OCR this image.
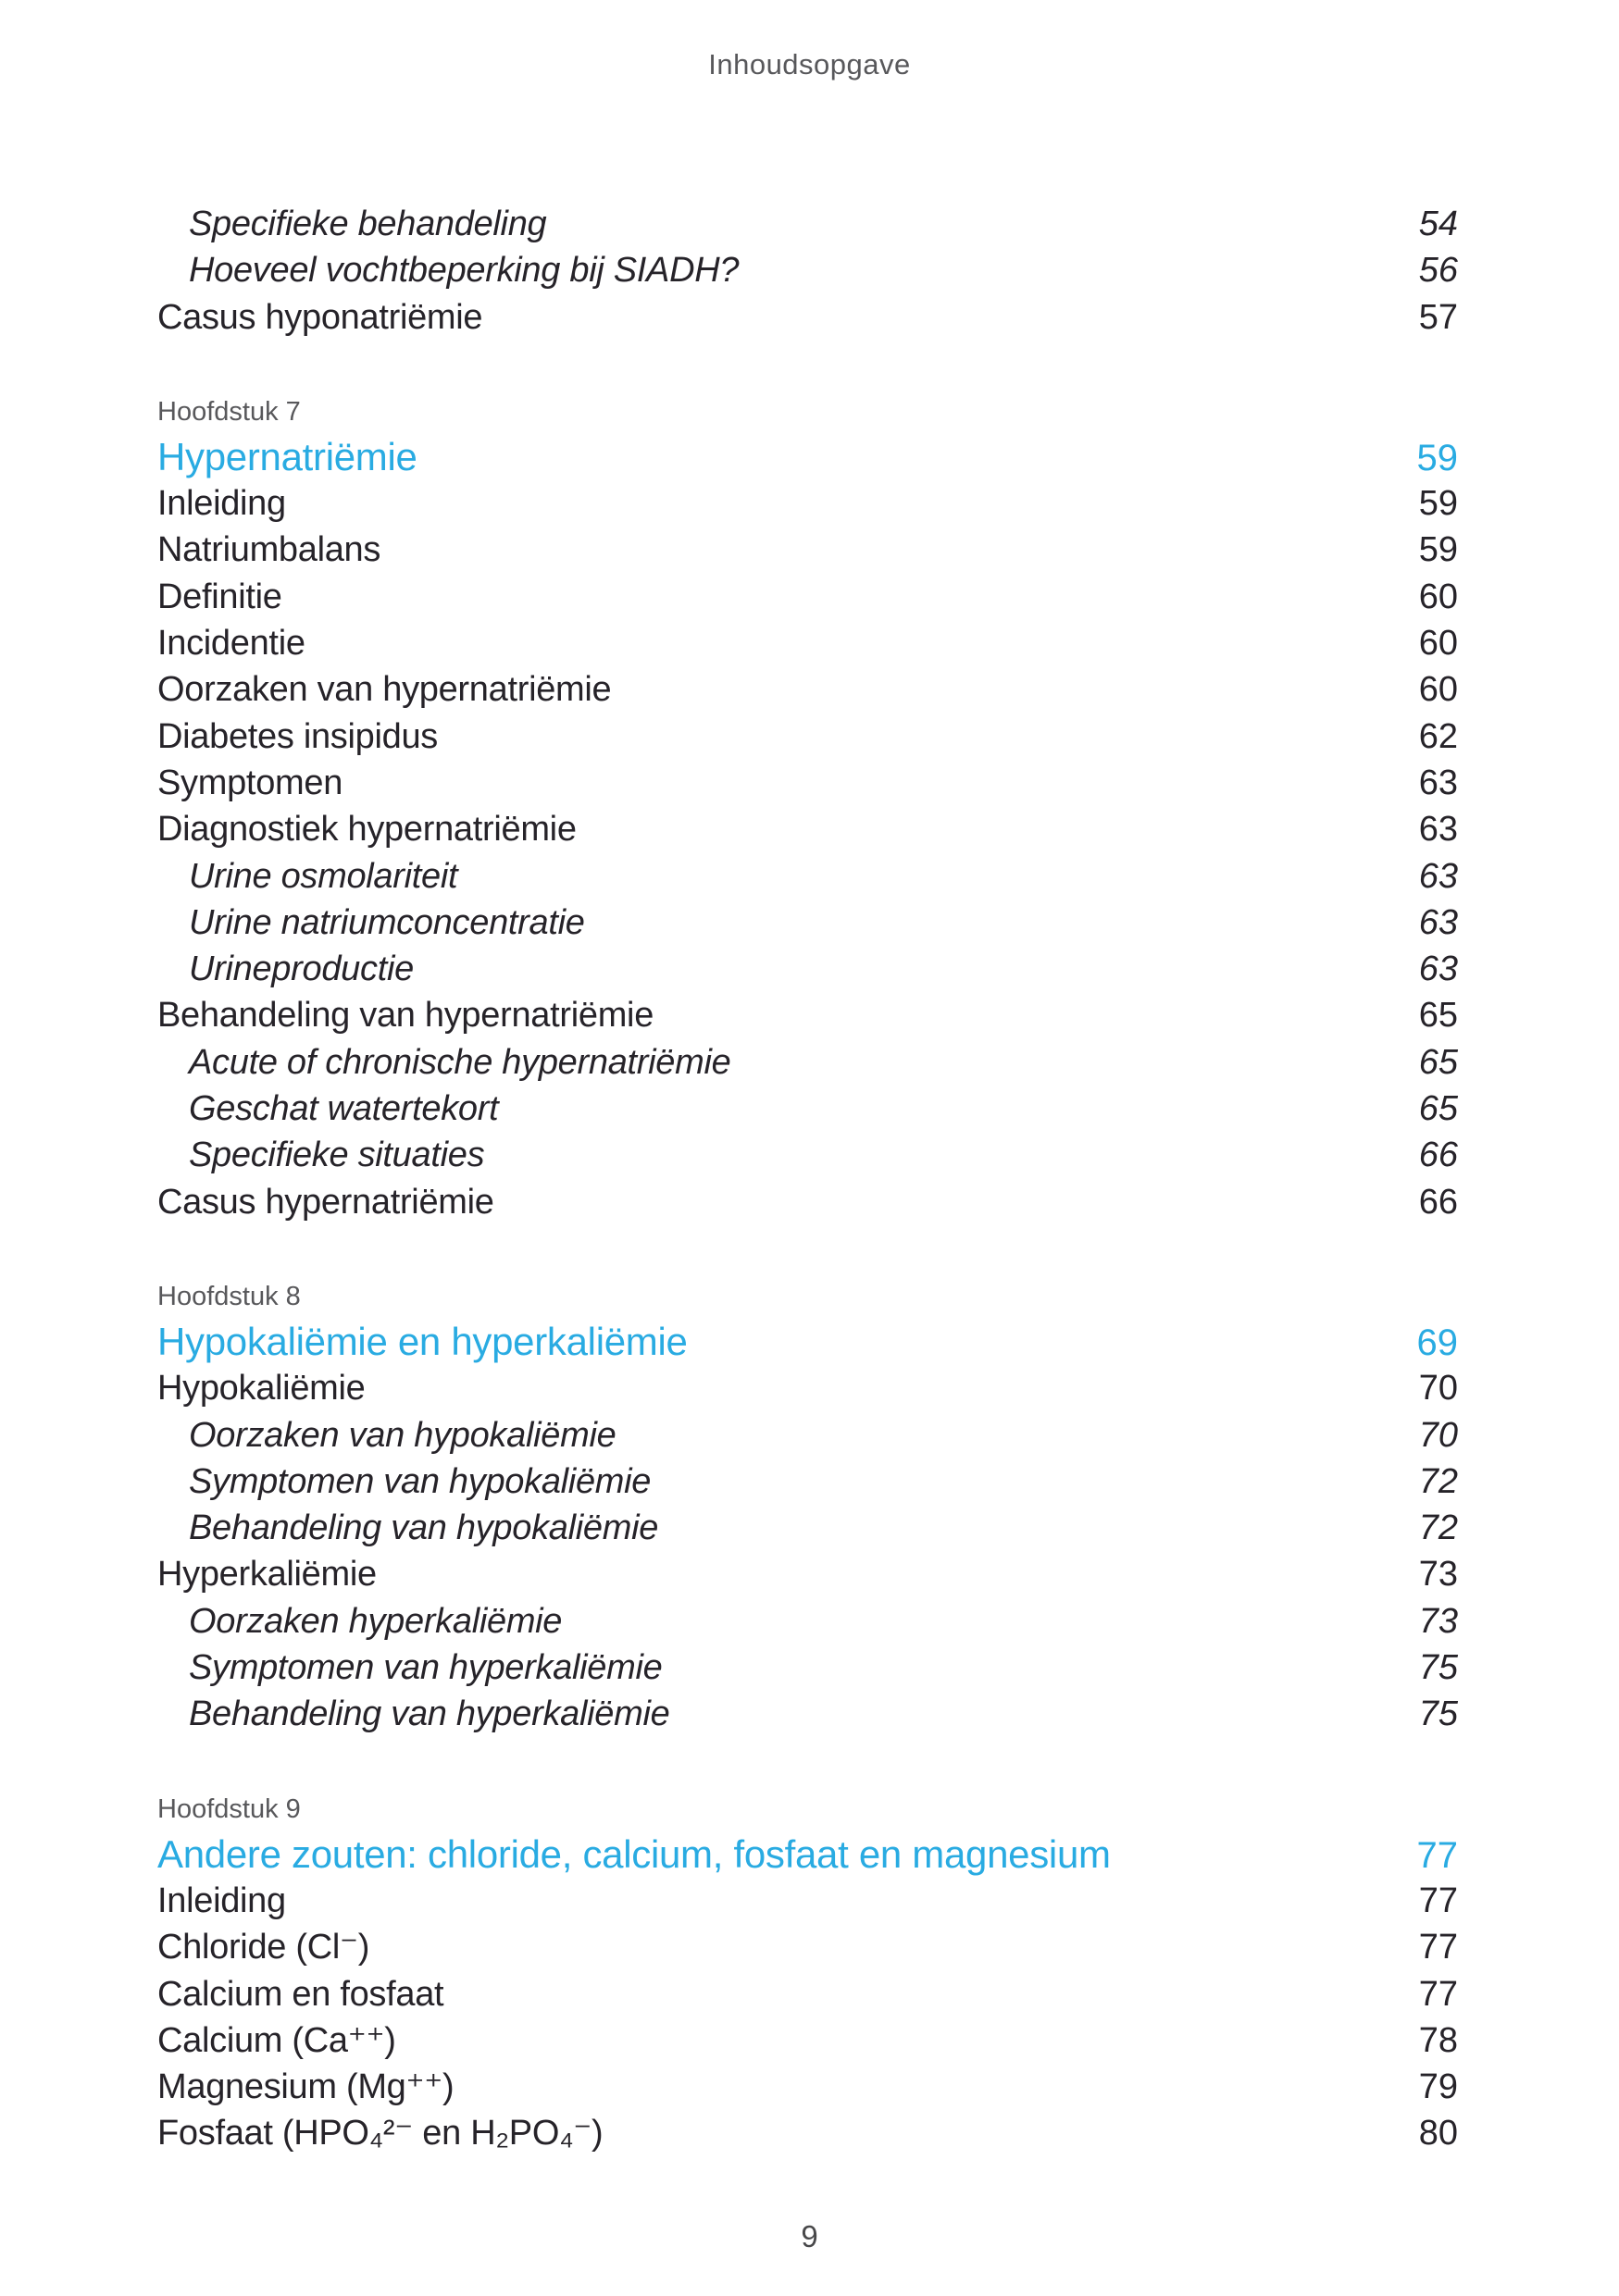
Inhoudsopgave
Specifieke behandeling	54
Hoeveel vochtbeperking bij SIADH?	56
Casus hyponatriëmie	57
Hoofdstuk 7
Hypernatriëmie	59
Inleiding	59
Natriumbalans	59
Definitie	60
Incidentie	60
Oorzaken van hypernatriëmie	60
Diabetes insipidus	62
Symptomen	63
Diagnostiek hypernatriëmie	63
Urine osmolariteit	63
Urine natriumconcentratie	63
Urineproductie	63
Behandeling van hypernatriëmie	65
Acute of chronische hypernatriëmie	65
Geschat watertekort	65
Specifieke situaties	66
Casus hypernatriëmie	66
Hoofdstuk 8
Hypokaliëmie en hyperkaliëmie	69
Hypokaliëmie	70
Oorzaken van hypokaliëmie	70
Symptomen van hypokaliëmie	72
Behandeling van hypokaliëmie	72
Hyperkaliëmie	73
Oorzaken hyperkaliëmie	73
Symptomen van hyperkaliëmie	75
Behandeling van hyperkaliëmie	75
Hoofdstuk 9
Andere zouten: chloride, calcium, fosfaat en magnesium	77
Inleiding	77
Chloride (Cl⁻)	77
Calcium en fosfaat	77
Calcium (Ca⁺⁺)	78
Magnesium (Mg⁺⁺)	79
Fosfaat (HPO₄²⁻ en H₂PO₄⁻)	80
9
